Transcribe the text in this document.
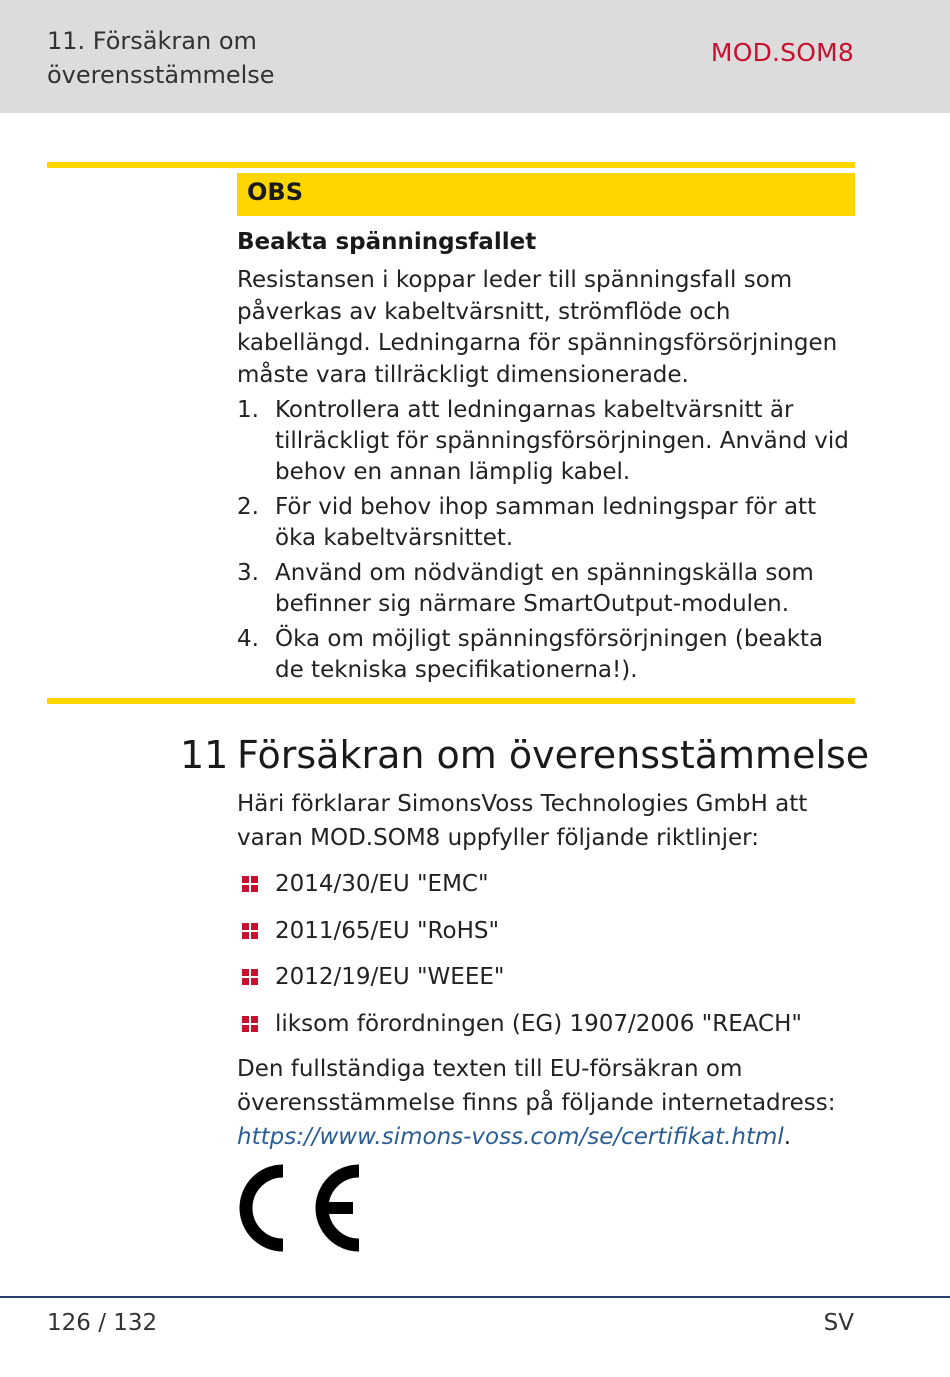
11. Försäkran om överensstämmelse
MOD.SOM8
OBS
Beakta spänningsfallet
Resistansen i koppar leder till spänningsfall som påverkas av kabeltvärsnitt, strömflöde och kabellängd. Ledningarna för spänningsförsörjningen måste vara tillräckligt dimensionerade.
1. Kontrollera att ledningarnas kabeltvärsnitt är tillräckligt för spänningsförsörjningen. Använd vid behov en annan lämplig kabel.
2. För vid behov ihop samman ledningspar för att öka kabeltvärsnittet.
3. Använd om nödvändigt en spänningskälla som befinner sig närmare SmartOutput-modulen.
4. Öka om möjligt spänningsförsörjningen (beakta de tekniska specifikationerna!).
11 Försäkran om överensstämmelse
Häri förklarar SimonsVoss Technologies GmbH att varan MOD.SOM8 uppfyller följande riktlinjer:
2014/30/EU "EMC"
2011/65/EU "RoHS"
2012/19/EU "WEEE"
liksom förordningen (EG) 1907/2006 "REACH"
Den fullständiga texten till EU-försäkran om överensstämmelse finns på följande internetadress: https://www.simons-voss.com/se/certifikat.html.
126 / 132	SV
